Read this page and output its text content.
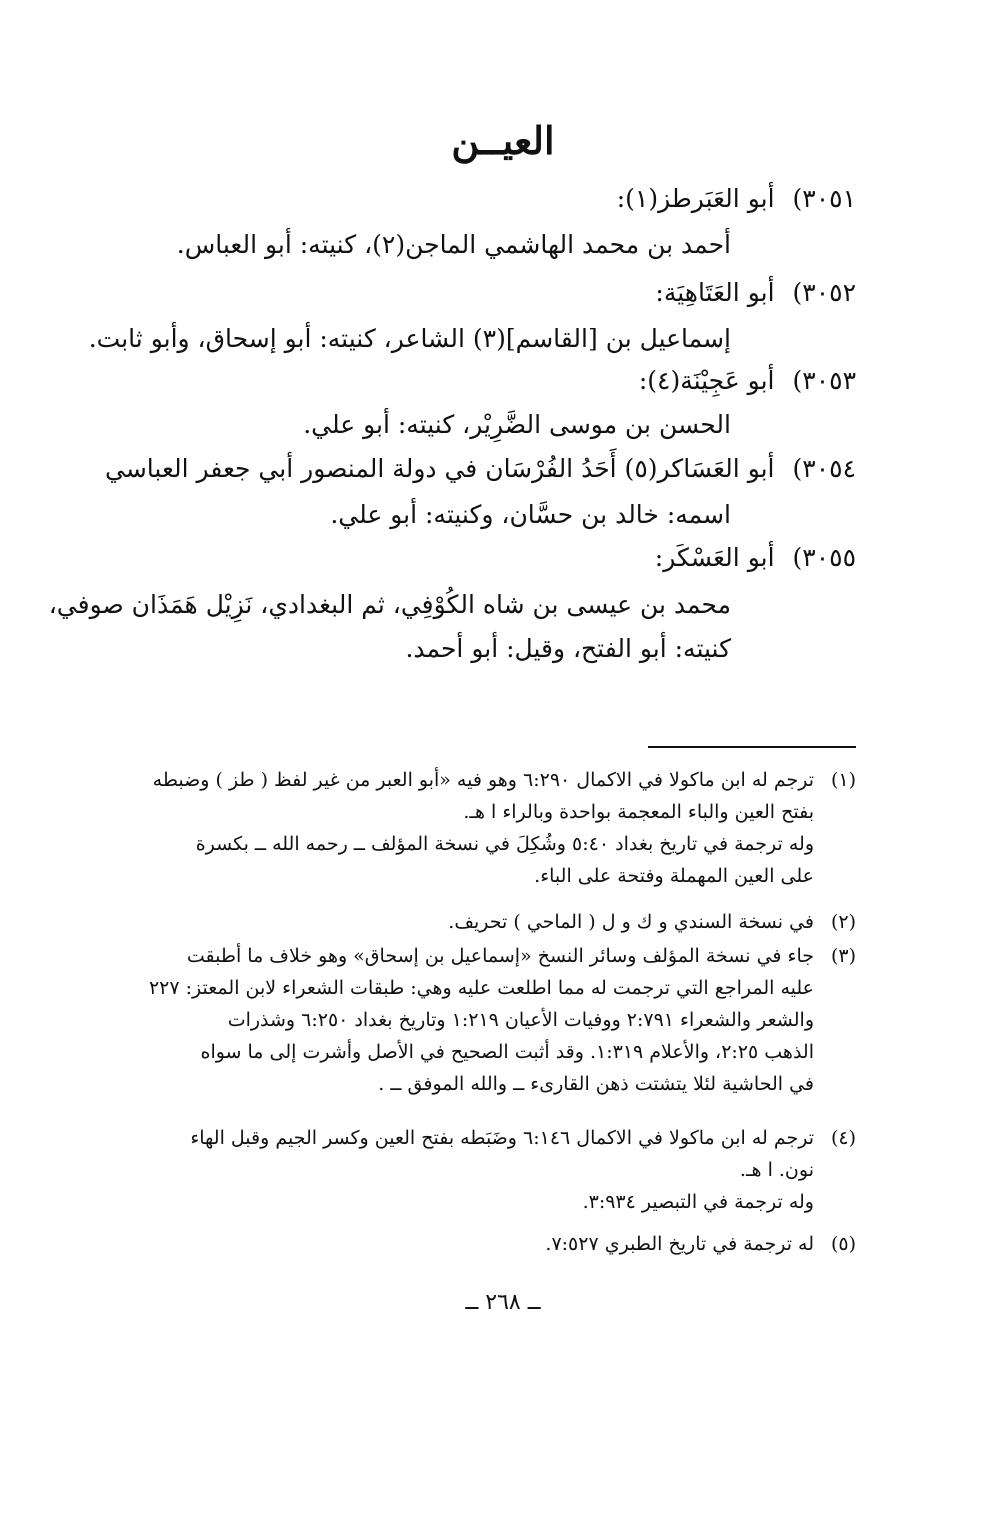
العيــن

٣٠٥١)أبو العَبَرطز(١):

أحمد بن محمد الهاشمي الماجن(٢)، كنيته: أبو العباس.

٣٠٥٢)أبو العَتَاهِيَة:

إسماعيل بن [القاسم](٣) الشاعر، كنيته: أبو إسحاق، وأبو ثابت.

٣٠٥٣)أبو عَجِيْنَة(٤):

الحسن بن موسى الضَّرِيْر، كنيته: أبو علي.

٣٠٥٤)أبو العَسَاكر(٥) أَحَدُ الفُرْسَان في دولة المنصور أبي جعفر العباسي

اسمه: خالد بن حسَّان، وكنيته: أبو علي.

٣٠٥٥)أبو العَسْكَر:

محمد بن عيسى بن شاه الكُوْفِي، ثم البغدادي، نَزِيْل هَمَذَان صوفي،

كنيته: أبو الفتح، وقيل: أبو أحمد.

(١)
ترجم له ابن ماكولا في الاكمال ٦:٢٩٠ وهو فيه «أبو العبر من غير لفظ ( طز ) وضبطه
بفتح العين والباء المعجمة بواحدة وبالراء ا هـ.
وله ترجمة في تاريخ بغداد ٥:٤٠ وشُكِلَ في نسخة المؤلف ــ رحمه الله ــ بكسرة
على العين المهملة وفتحة على الباء.
(٢)
في نسخة السندي و ك و ل ( الماحي ) تحريف.
(٣)
جاء في نسخة المؤلف وسائر النسخ «إسماعيل بن إسحاق» وهو خلاف ما أطبقت
عليه المراجع التي ترجمت له مما اطلعت عليه وهي: طبقات الشعراء لابن المعتز: ٢٢٧
والشعر والشعراء ٢:٧٩١ ووفيات الأعيان ١:٢١٩ وتاريخ بغداد ٦:٢٥٠ وشذرات
الذهب ٢:٢٥، والأعلام ١:٣١٩. وقد أثبت الصحيح في الأصل وأشرت إلى ما سواه
في الحاشية لئلا يتشتت ذهن القارىء ــ والله الموفق ــ .
(٤)
ترجم له ابن ماكولا في الاكمال ٦:١٤٦ وضَبَطه بفتح العين وكسر الجيم وقبل الهاء
نون. ا هـ.
وله ترجمة في التبصير ٣:٩٣٤.
(٥)
له ترجمة في تاريخ الطبري ٧:٥٢٧.

ــ ٢٦٨ ــ
